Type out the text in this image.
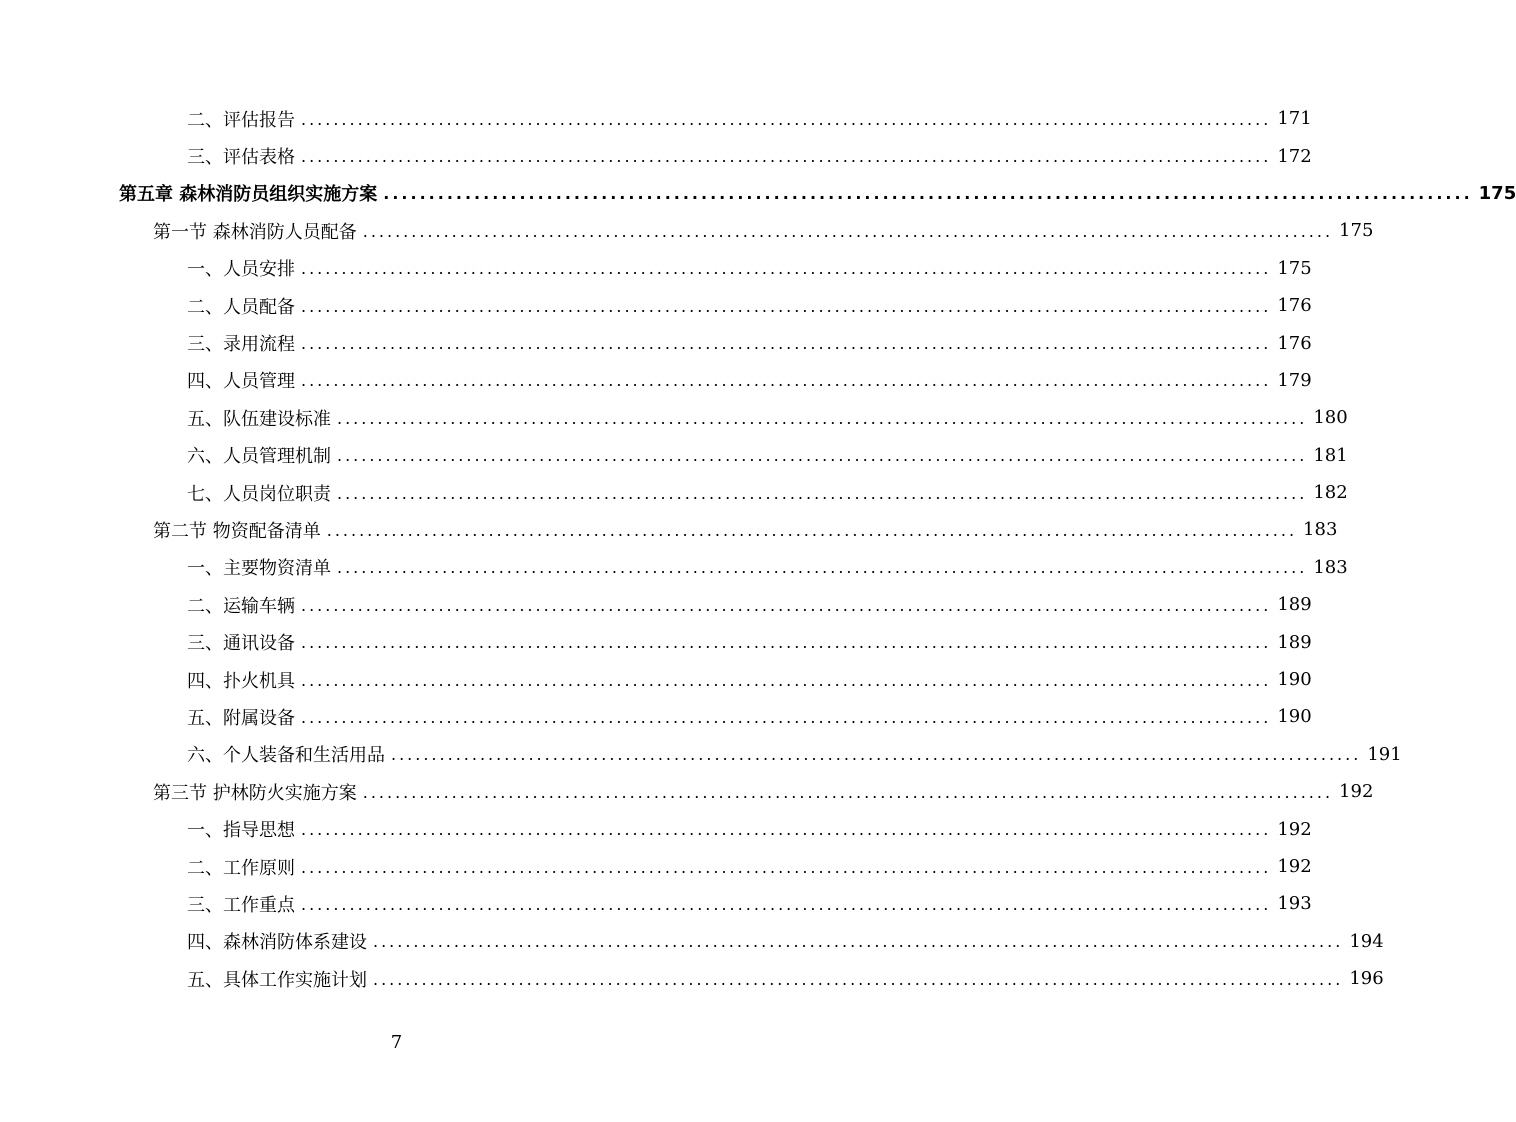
二、评估报告 ........................................................................................................................ 171
三、评估表格 ........................................................................................................................ 172
第五章 森林消防员组织实施方案 ........................................................................................................................ 175
第一节 森林消防人员配备 ........................................................................................................................ 175
一、人员安排 ........................................................................................................................ 175
二、人员配备 ........................................................................................................................ 176
三、录用流程 ........................................................................................................................ 176
四、人员管理 ........................................................................................................................ 179
五、队伍建设标准 ........................................................................................................................ 180
六、人员管理机制 ........................................................................................................................ 181
七、人员岗位职责 ........................................................................................................................ 182
第二节 物资配备清单 ........................................................................................................................ 183
一、主要物资清单 ........................................................................................................................ 183
二、运输车辆 ........................................................................................................................ 189
三、通讯设备 ........................................................................................................................ 189
四、扑火机具 ........................................................................................................................ 190
五、附属设备 ........................................................................................................................ 190
六、个人装备和生活用品 ........................................................................................................................ 191
第三节 护林防火实施方案 ........................................................................................................................ 192
一、指导思想 ........................................................................................................................ 192
二、工作原则 ........................................................................................................................ 192
三、工作重点 ........................................................................................................................ 193
四、森林消防体系建设 ........................................................................................................................ 194
五、具体工作实施计划 ........................................................................................................................ 196
7
